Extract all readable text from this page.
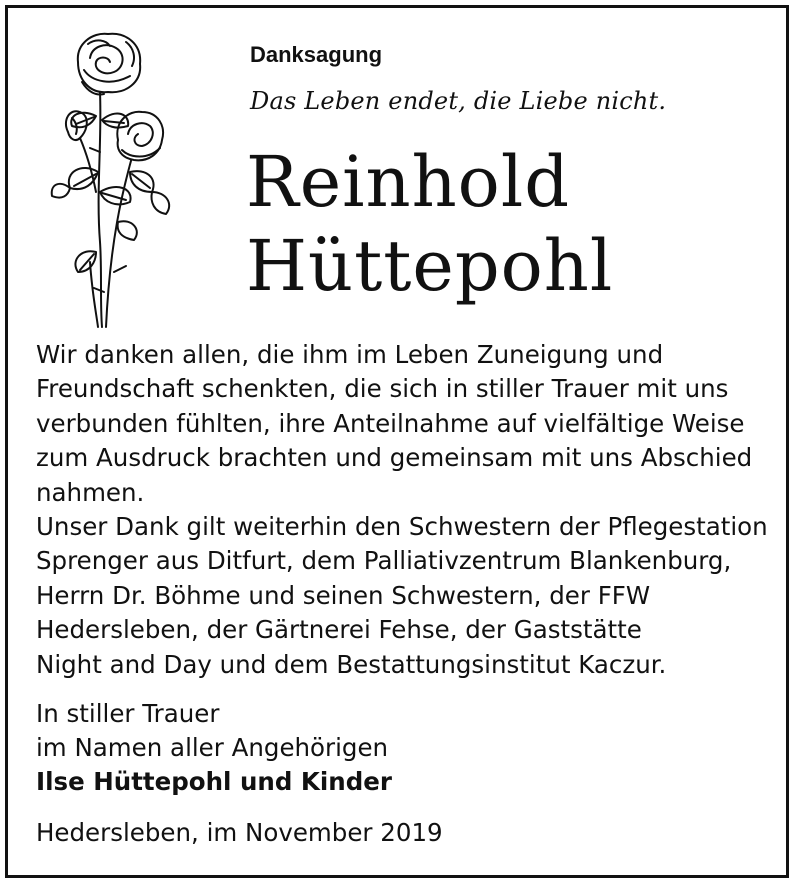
Danksagung

Das Leben endet, die Liebe nicht.

Reinhold
Hüttepohl

Wir danken allen, die ihm im Leben Zuneigung und
Freundschaft schenkten, die sich in stiller Trauer mit uns
verbunden fühlten, ihre Anteilnahme auf vielfältige Weise
zum Ausdruck brachten und gemeinsam mit uns Abschied
nahmen.

Unser Dank gilt weiterhin den Schwestern der Pflegestation
Sprenger aus Ditfurt, dem Palliativzentrum Blankenburg,
Herrn Dr. Böhme und seinen Schwestern, der FFW
Hedersleben, der Gärtnerei Fehse, der Gaststätte
Night and Day und dem Bestattungsinstitut Kaczur.

In stiller Trauer
im Namen aller Angehörigen
Ilse Hüttepohl und Kinder
Hedersleben, im November 2019
